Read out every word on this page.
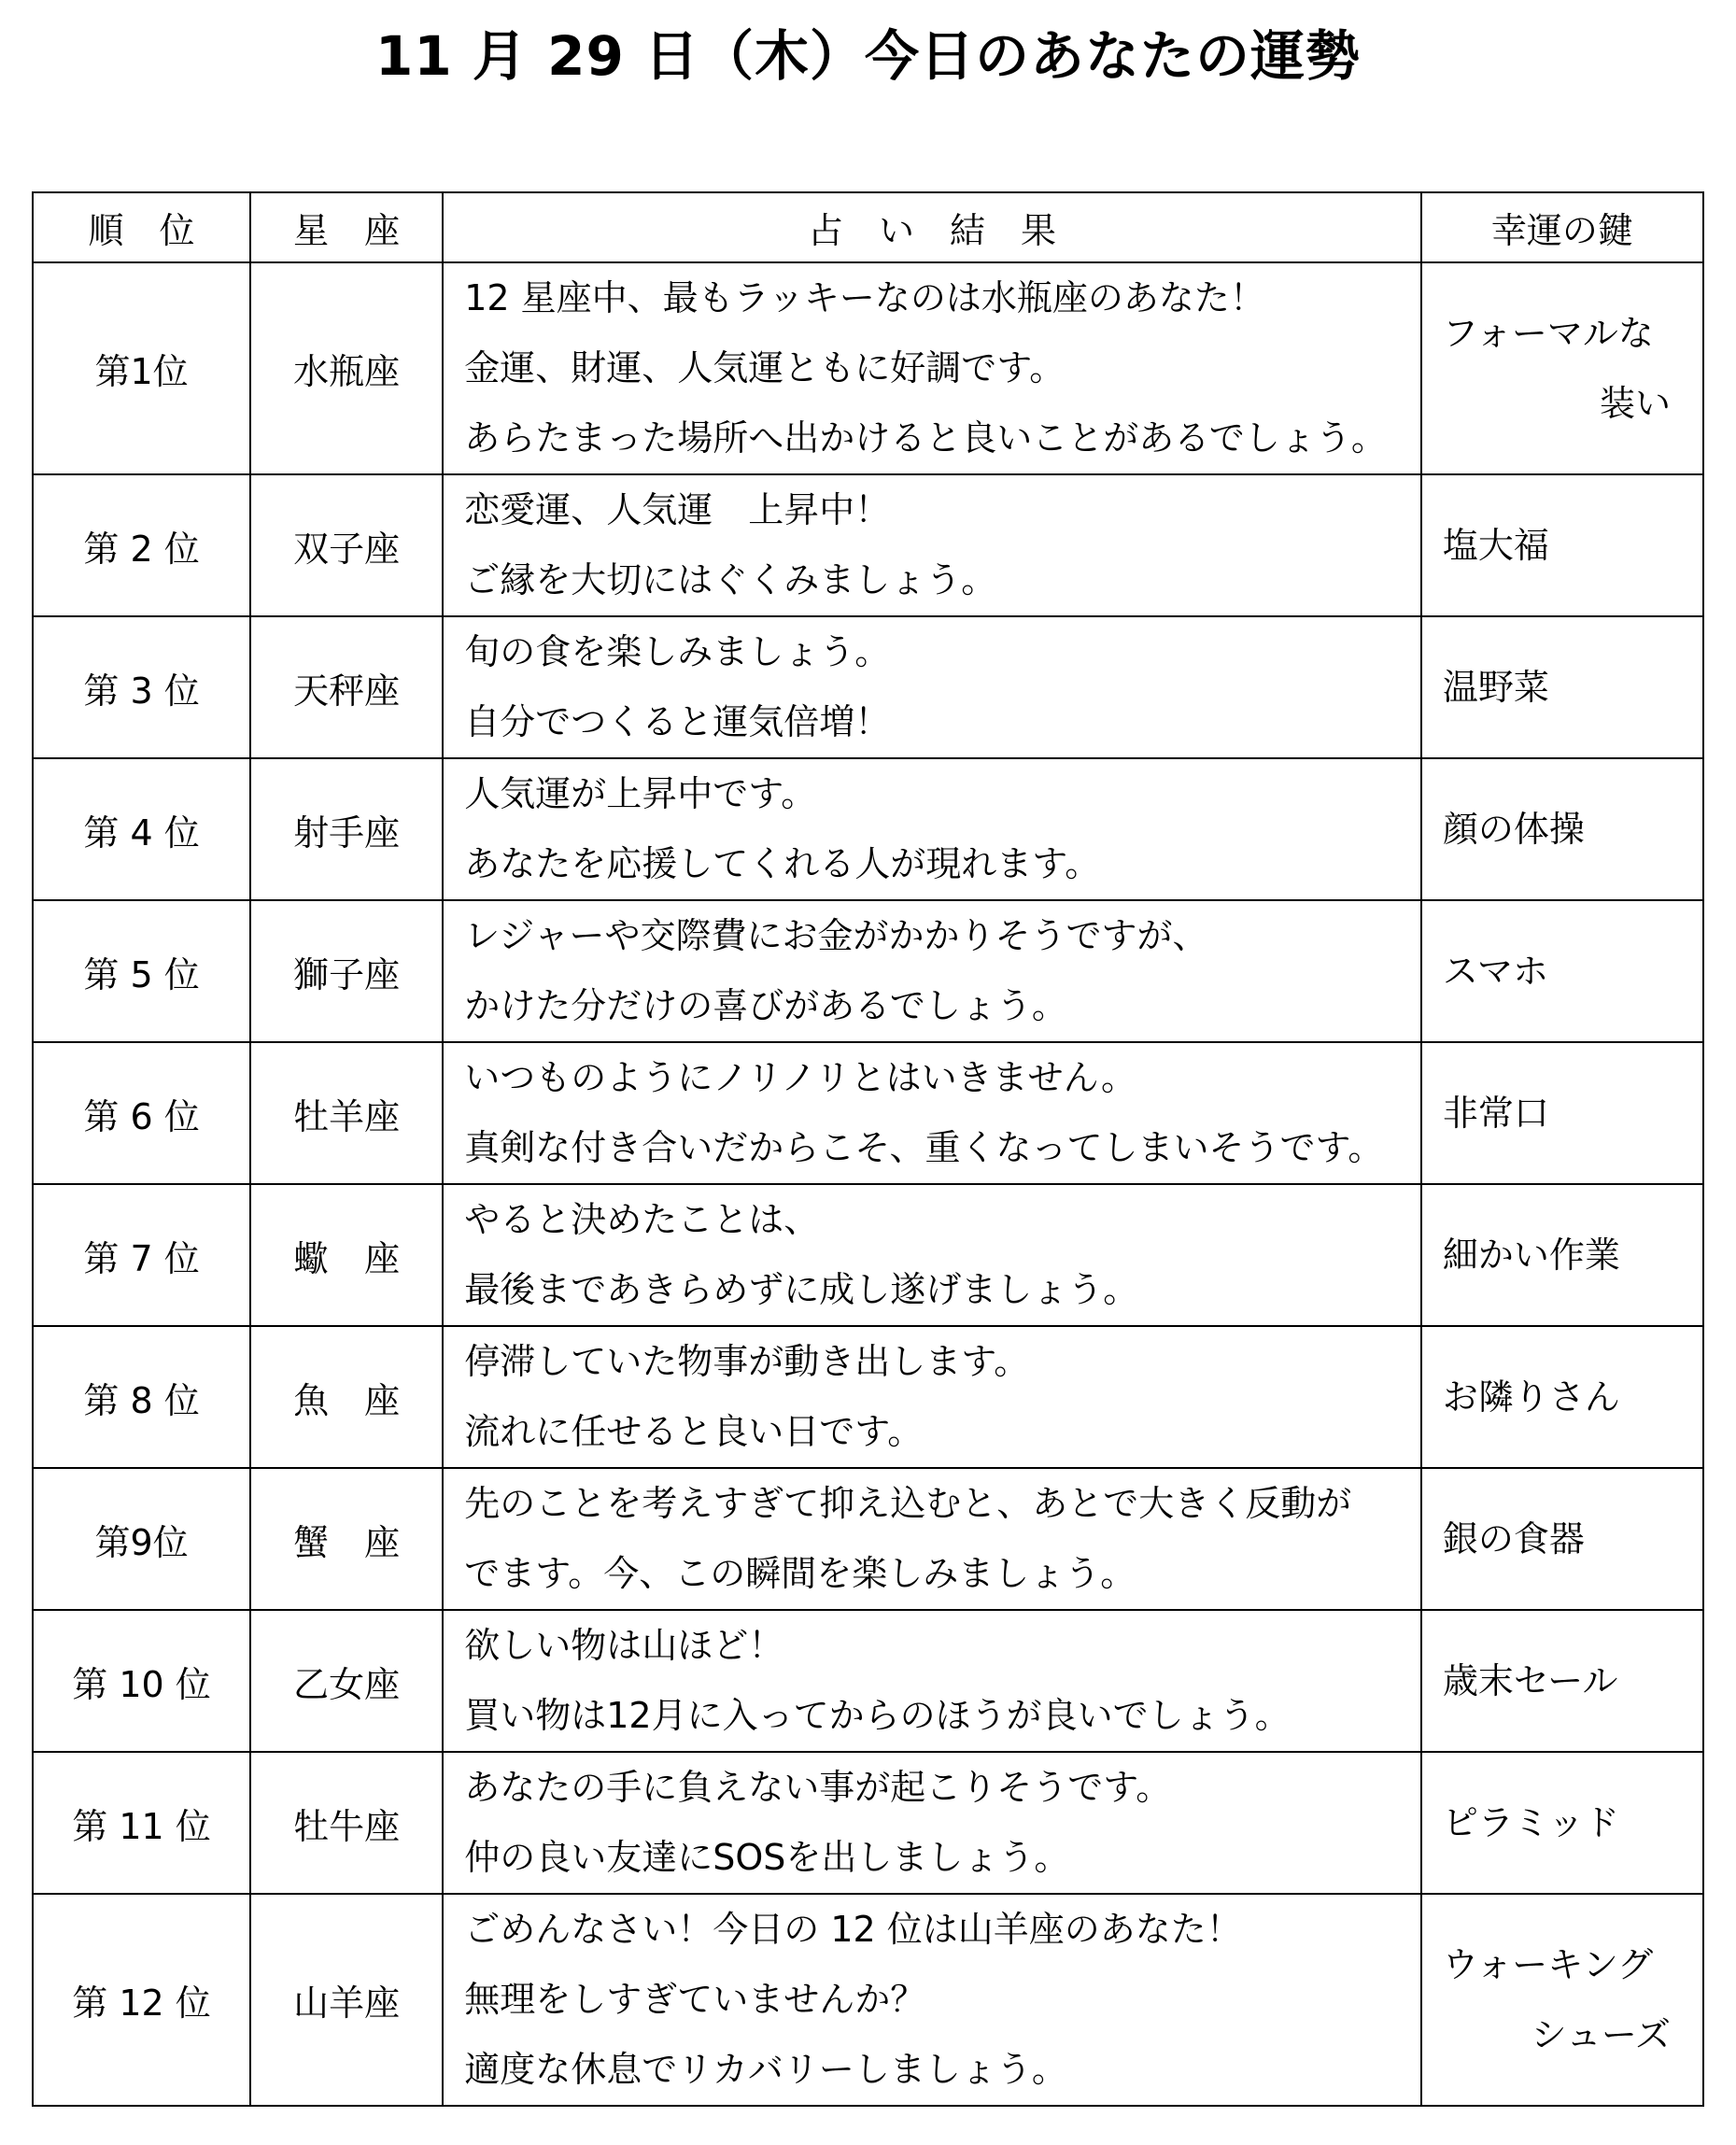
11 月 29 日（木）今日のあなたの運勢
順　位	星　座	占　い　結　果	幸運の鍵
第1位	水瓶座	12 星座中、最もラッキーなのは水瓶座のあなた！
金運、財運、人気運ともに好調です。
あらたまった場所へ出かけると良いことがあるでしょう。	フォーマルな
装い

第 2 位	双子座	恋愛運、人気運　上昇中！
ご縁を大切にはぐくみましょう。	塩大福

第 3 位	天秤座	旬の食を楽しみましょう。
自分でつくると運気倍増！	温野菜

第 4 位	射手座	人気運が上昇中です。
あなたを応援してくれる人が現れます。	顔の体操

第 5 位	獅子座	レジャーや交際費にお金がかかりそうですが、
かけた分だけの喜びがあるでしょう。	スマホ

第 6 位	牡羊座	いつものようにノリノリとはいきません。
真剣な付き合いだからこそ、重くなってしまいそうです。	非常口

第 7 位	蠍　座	やると決めたことは、
最後まであきらめずに成し遂げましょう。	細かい作業

第 8 位	魚　座	停滞していた物事が動き出します。
流れに任せると良い日です。	お隣りさん

第9位	蟹　座	先のことを考えすぎて抑え込むと、あとで大きく反動が
でます。今、この瞬間を楽しみましょう。	銀の食器

第 10 位	乙女座	欲しい物は山ほど！
買い物は12月に入ってからのほうが良いでしょう。	歳末セール

第 11 位	牡牛座	あなたの手に負えない事が起こりそうです。
仲の良い友達にSOSを出しましょう。	ピラミッド

第 12 位	山羊座	ごめんなさい！今日の 12 位は山羊座のあなた！
無理をしすぎていませんか？
適度な休息でリカバリーしましょう。	ウォーキング
シューズ
